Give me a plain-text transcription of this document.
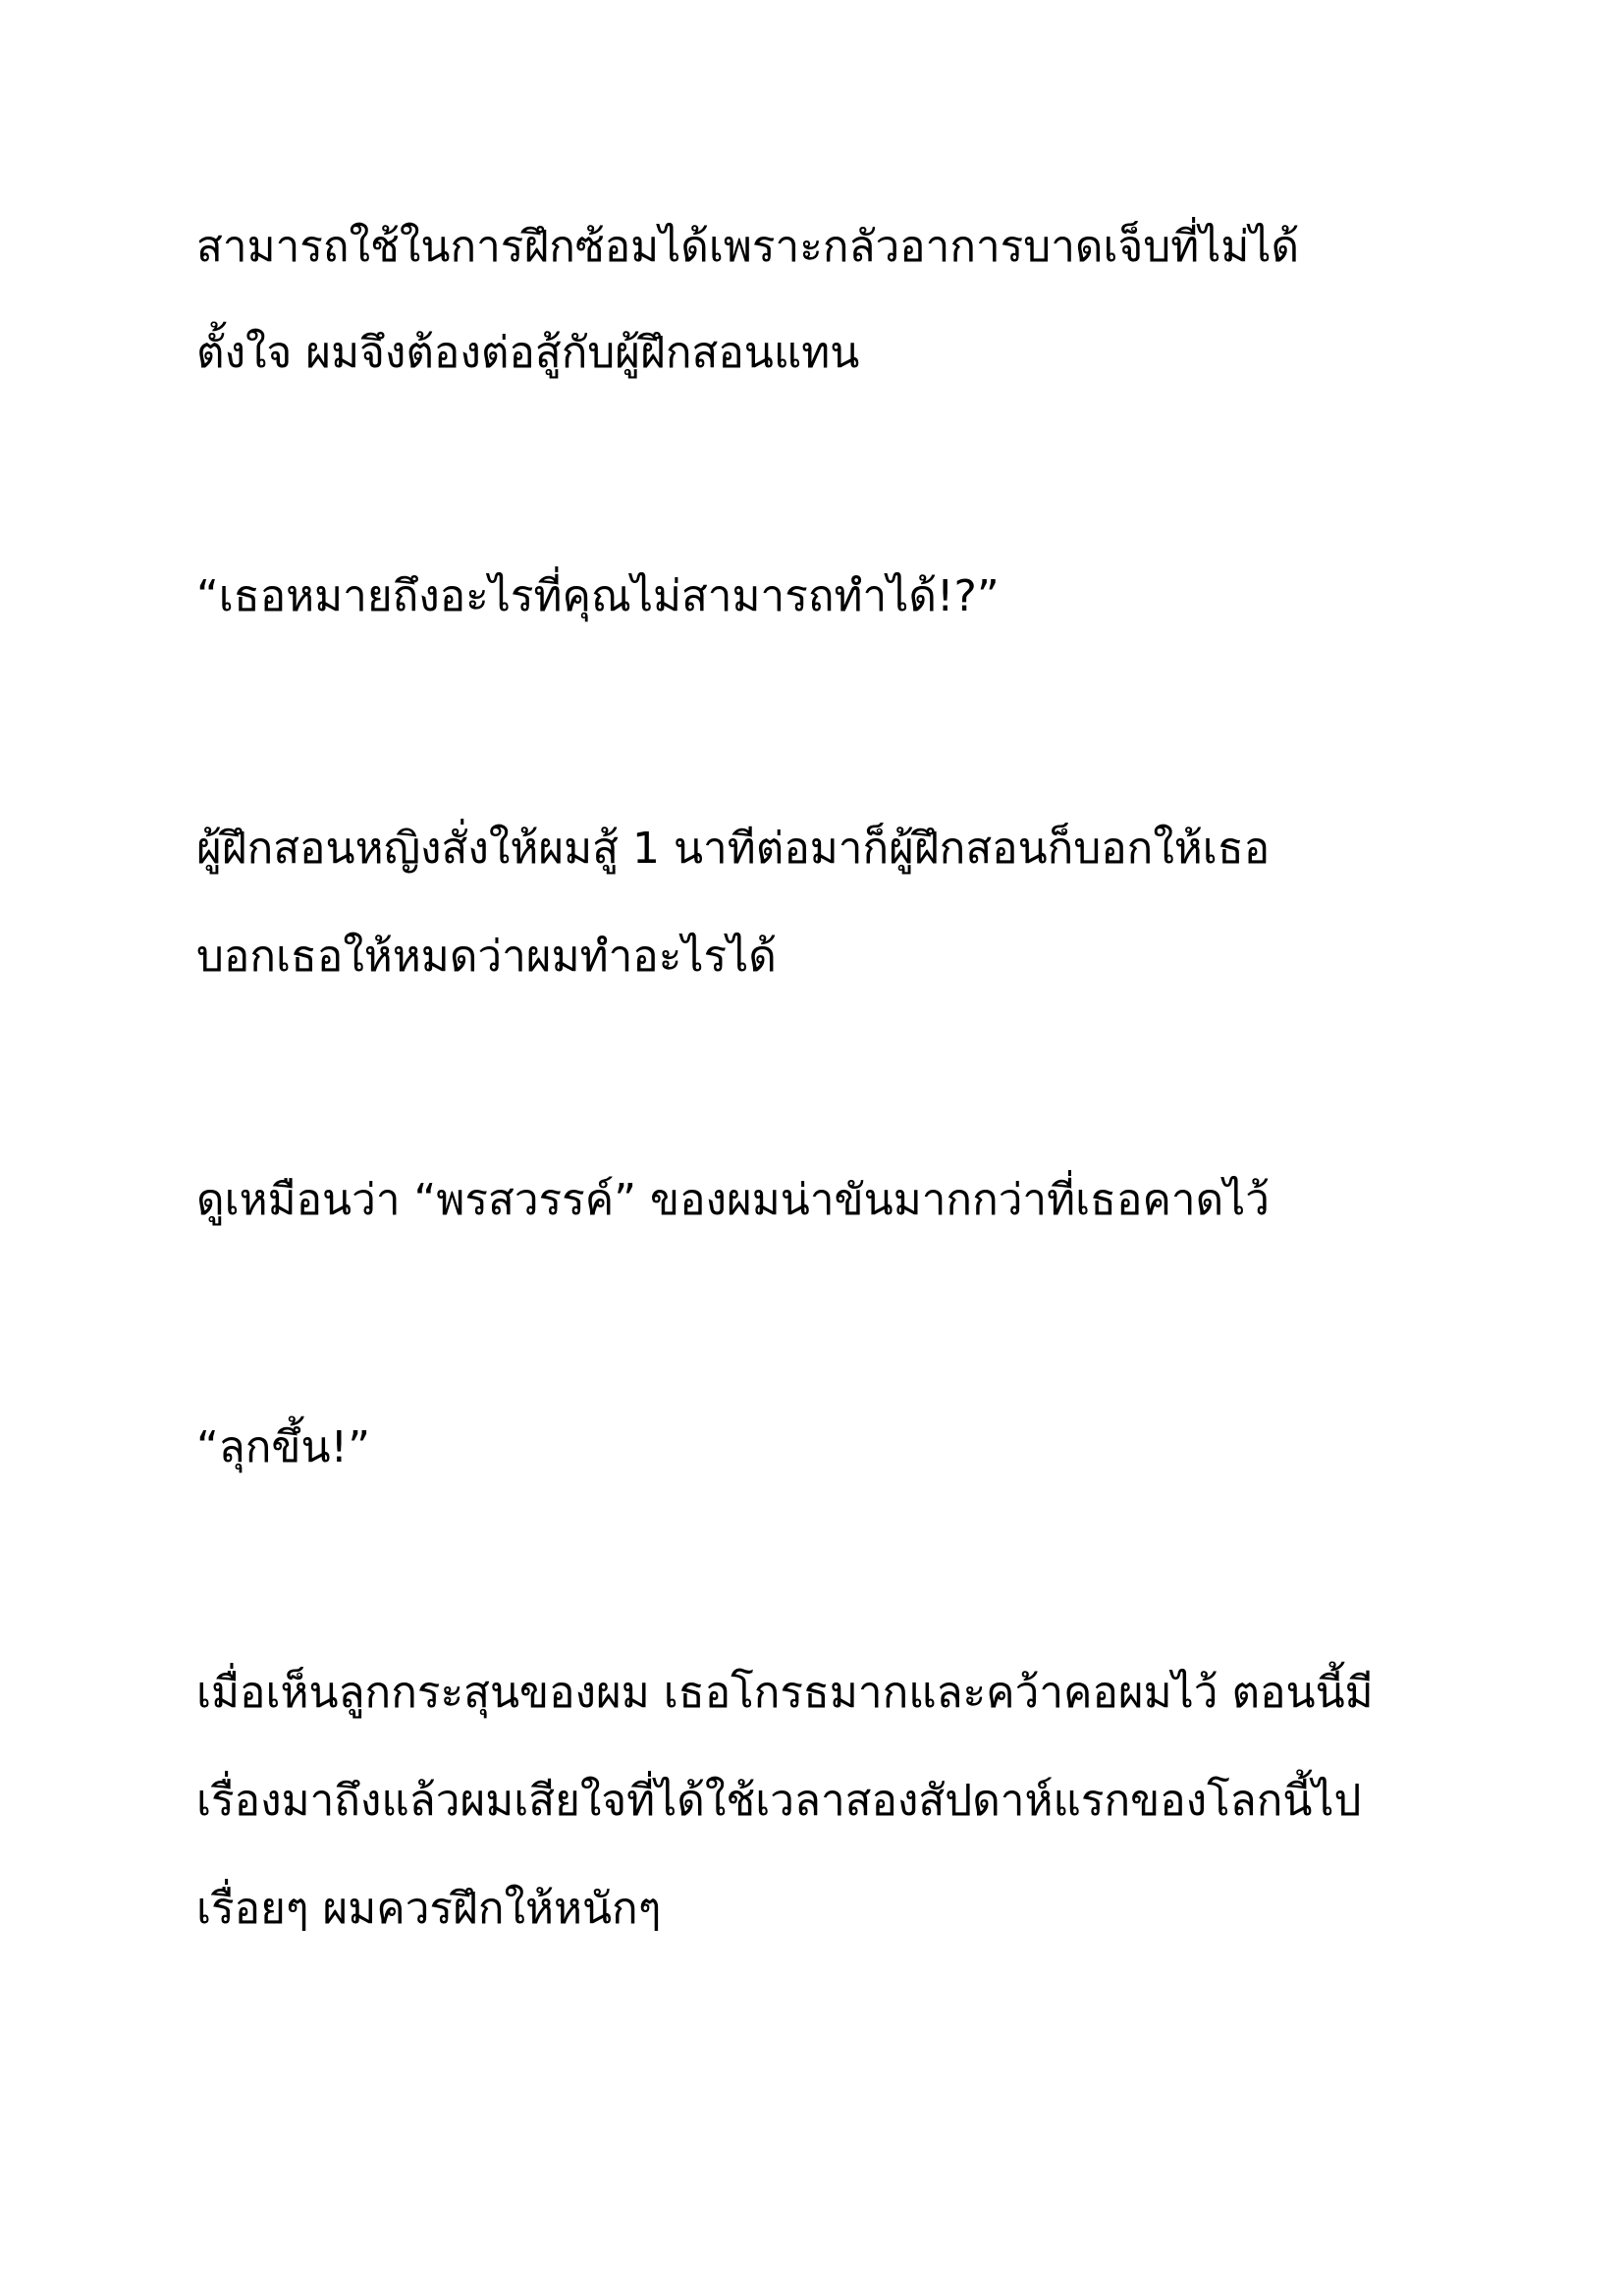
สามารถใช้ในการฝึกซ้อมได้เพราะกลัวอาการบาดเจ็บที่ไม่ได้

ตั้งใจ ผมจึงต้องต่อสู้กับผู้ฝึกสอนแทน

“เธอหมายถึงอะไรที่คุณไม่สามารถทำได้!?”

ผู้ฝึกสอนหญิงสั่งให้ผมสู้ 1 นาทีต่อมาก็ผู้ฝึกสอนก็บอกให้เธอ

บอกเธอให้หมดว่าผมทำอะไรได้

ดูเหมือนว่า “พรสวรรค์” ของผมน่าขันมากกว่าที่เธอคาดไว้

“ลุกขึ้น!”

เมื่อเห็นลูกกระสุนของผม เธอโกรธมากและคว้าคอผมไว้ ตอนนี้มี

เรื่องมาถึงแล้วผมเสียใจที่ได้ใช้เวลาสองสัปดาห์แรกของโลกนี้ไป

เรื่อยๆ ผมควรฝึกให้หนักๆ
